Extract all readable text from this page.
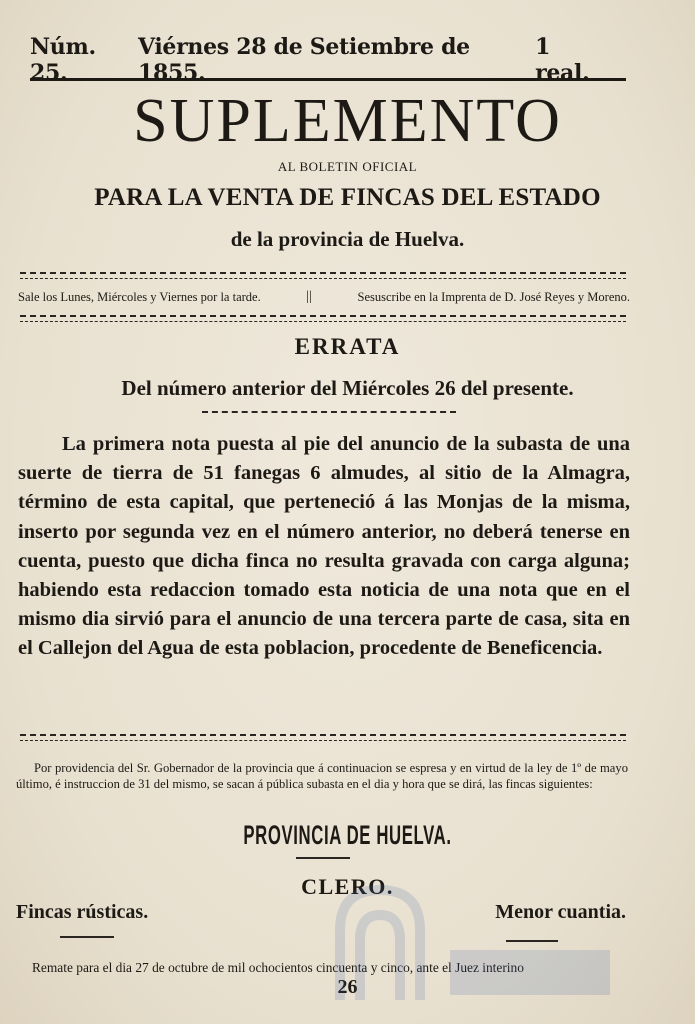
Núm. 25.
Viérnes 28 de Setiembre de 1855.
1 real.
SUPLEMENTO
AL BOLETIN OFICIAL
PARA LA VENTA DE FINCAS DEL ESTADO
de la provincia de Huelva.
Sale los Lunes, Miércoles y Viernes por la tarde.	||	Sesuscribe en la Imprenta de D. José Reyes y Moreno.
ERRATA
Del número anterior del Miércoles 26 del presente.

La primera nota puesta al pie del anuncio de la subasta de una suerte de tierra de 51 fanegas 6 almudes, al sitio de la Almagra, término de esta capital, que perteneció á las Monjas de la misma, inserto por segunda vez en el número anterior, no deberá tenerse en cuenta, puesto que dicha finca no resulta gravada con carga alguna; habiendo esta redaccion tomado esta noticia de una nota que en el mismo dia sirvió para el anuncio de una tercera parte de casa, sita en el Callejon del Agua de esta poblacion, procedente de Beneficencia.

Por providencia del Sr. Gobernador de la provincia que á continuacion se espresa y en virtud de la ley de 1º de mayo último, é instruccion de 31 del mismo, se sacan á pública subasta en el dia y hora que se dirá, las fincas siguientes:

PROVINCIA DE HUELVA.
CLERO.
Fincas rústicas.	Menor cuantia.
Remate para el dia 27 de octubre de mil ochocientos cincuenta y cinco, ante el Juez interino
26
